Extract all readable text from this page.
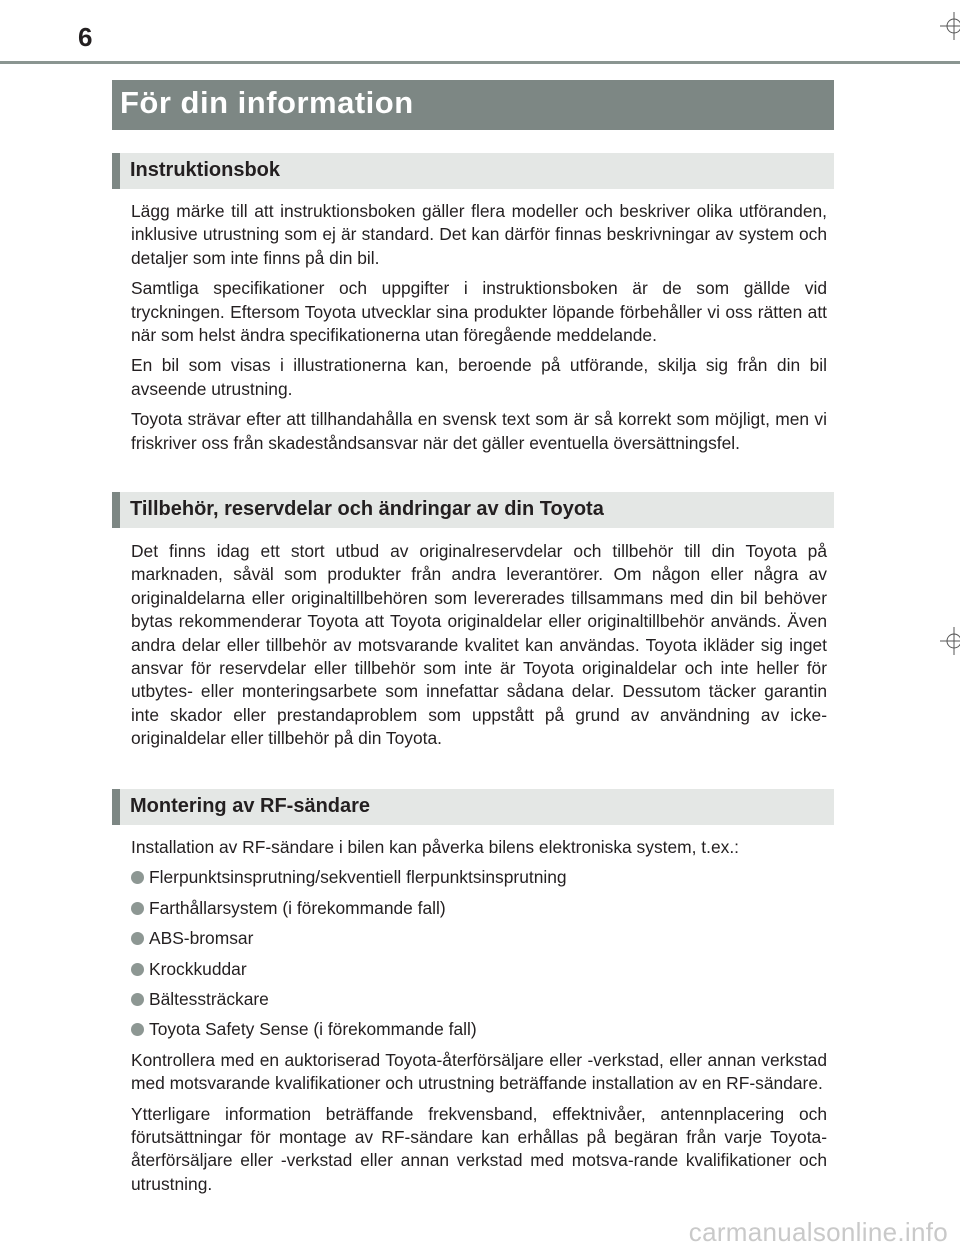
6
För din information
Instruktionsbok

Lägg märke till att instruktionsboken gäller flera modeller och beskriver olika utföranden, inklusive utrustning som ej är standard. Det kan därför finnas beskrivningar av system och detaljer som inte finns på din bil.

Samtliga specifikationer och uppgifter i instruktionsboken är de som gällde vid tryckningen. Eftersom Toyota utvecklar sina produkter löpande förbehåller vi oss rätten att när som helst ändra specifikationerna utan föregående meddelande.

En bil som visas i illustrationerna kan, beroende på utförande, skilja sig från din bil avseende utrustning.

Toyota strävar efter att tillhandahålla en svensk text som är så korrekt som möjligt, men vi friskriver oss från skadeståndsansvar när det gäller eventuella översättningsfel.

Tillbehör, reservdelar och ändringar av din Toyota

Det finns idag ett stort utbud av originalreservdelar och tillbehör till din Toyota på marknaden, såväl som produkter från andra leverantörer. Om någon eller några av originaldelarna eller originaltillbehören som levererades tillsammans med din bil behöver bytas rekommenderar Toyota att Toyota originaldelar eller originaltillbehör används. Även andra delar eller tillbehör av motsvarande kvalitet kan användas. Toyota ikläder sig inget ansvar för reservdelar eller tillbehör som inte är Toyota originaldelar och inte heller för utbytes- eller monteringsarbete som innefattar sådana delar. Dessutom täcker garantin inte skador eller prestandaproblem som uppstått på grund av användning av icke-originaldelar eller tillbehör på din Toyota.

Montering av RF-sändare

Installation av RF-sändare i bilen kan påverka bilens elektroniska system, t.ex.:

Flerpunktsinsprutning/sekventiell flerpunktsinsprutning
Farthållarsystem (i förekommande fall)
ABS-bromsar
Krockkuddar
Bältessträckare
Toyota Safety Sense (i förekommande fall)

Kontrollera med en auktoriserad Toyota-återförsäljare eller -verkstad, eller annan verkstad med motsvarande kvalifikationer och utrustning beträffande installation av en RF-sändare.

Ytterligare information beträffande frekvensband, effektnivåer, antennplacering och förutsättningar för montage av RF-sändare kan erhållas på begäran från varje Toyota-återförsäljare eller -verkstad eller annan verkstad med motsva-rande kvalifikationer och utrustning.

carmanualsonline.info
